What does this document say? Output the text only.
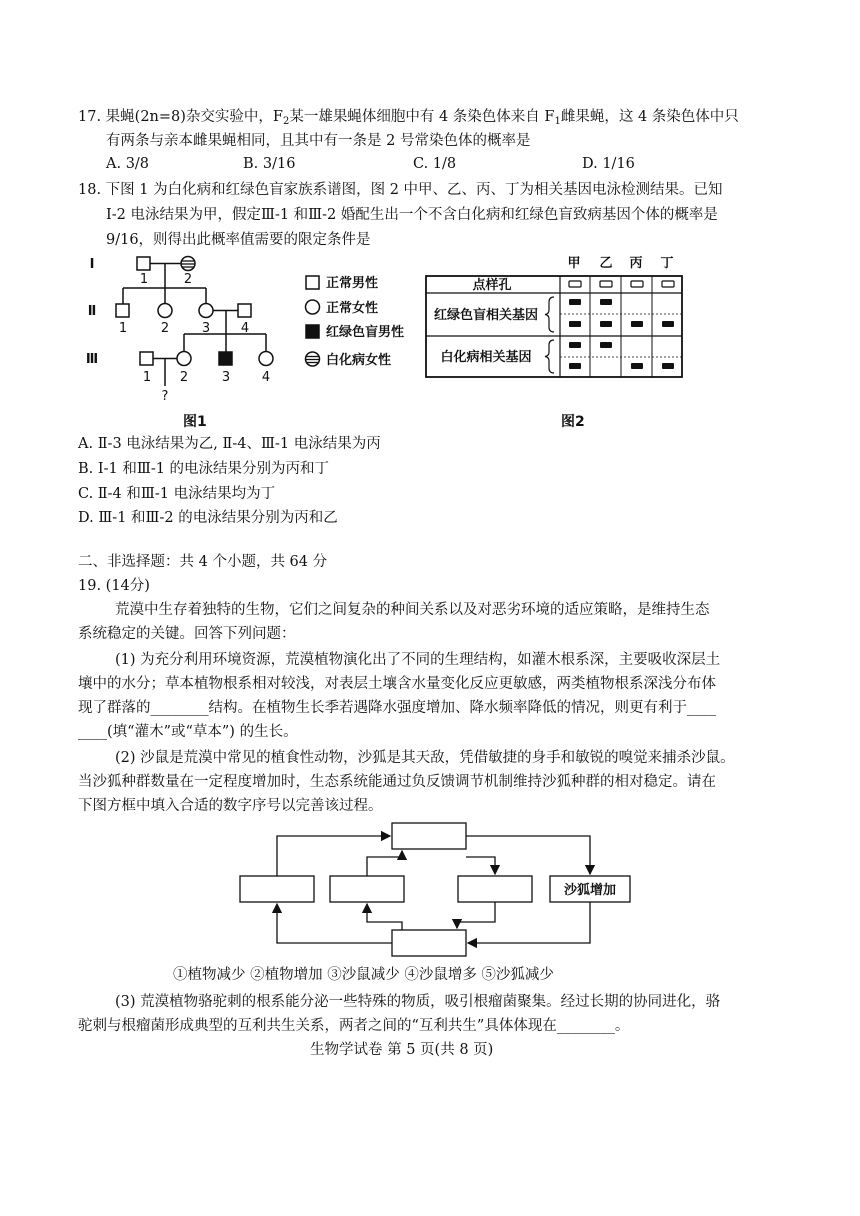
17. 果蝇(2n=8)杂交实验中，$F_2$某一雄果蝇体细胞中有 4 条染色体来自 $F_1$雌果蝇，这 4 条染色体中只
有两条与亲本雌果蝇相同，且其中有一条是 2 号常染色体的概率是
A. 3/8	B. 3/16	C. 1/8	D. 1/16
18. 下图 1 为白化病和红绿色盲家族系谱图，图 2 中甲、乙、丙、丁为相关基因电泳检测结果。已知
Ⅰ-2 电泳结果为甲，假定Ⅲ-1 和Ⅲ-2 婚配生出一个不含白化病和红绿色盲致病基因个体的概率是
9/16，则得出此概率值需要的限定条件是
Ⅰ
Ⅱ
Ⅲ
1	2
1	2	3 4
1 2	3 4
?
正常男性
正常女性
红绿色盲男性
白化病女性
图1
甲 乙 丙 丁
点样孔
红绿色盲相关基因
白化病相关基因
图2
A. Ⅱ-3 电泳结果为乙, Ⅱ-4、Ⅲ-1 电泳结果为丙
B. Ⅰ-1 和Ⅲ-1 的电泳结果分别为丙和丁
C. Ⅱ-4 和Ⅲ-1 电泳结果均为丁
D. Ⅲ-1 和Ⅲ-2 的电泳结果分别为丙和乙
二、非选择题：共 4 个小题，共 64 分
19. (14分)
荒漠中生存着独特的生物，它们之间复杂的种间关系以及对恶劣环境的适应策略，是维持生态
系统稳定的关键。回答下列问题：
(1) 为充分利用环境资源，荒漠植物演化出了不同的生理结构，如灌木根系深，主要吸收深层土
壤中的水分；草本植物根系相对较浅，对表层土壤含水量变化反应更敏感，两类植物根系深浅分布体
现了群落的________结构。在植物生长季若遇降水强度增加、降水频率降低的情况，则更有利于____
____(填“灌木”或“草本”) 的生长。
(2) 沙鼠是荒漠中常见的植食性动物，沙狐是其天敌，凭借敏捷的身手和敏锐的嗅觉来捕杀沙鼠。
当沙狐种群数量在一定程度增加时，生态系统能通过负反馈调节机制维持沙狐种群的相对稳定。请在
下图方框中填入合适的数字序号以完善该过程。
沙狐增加
①植物减少 ②植物增加 ③沙鼠减少 ④沙鼠增多 ⑤沙狐减少
(3) 荒漠植物骆驼刺的根系能分泌一些特殊的物质，吸引根瘤菌聚集。经过长期的协同进化，骆
驼刺与根瘤菌形成典型的互利共生关系，两者之间的“互利共生”具体体现在________。
生物学试卷 第 5 页(共 8 页)
